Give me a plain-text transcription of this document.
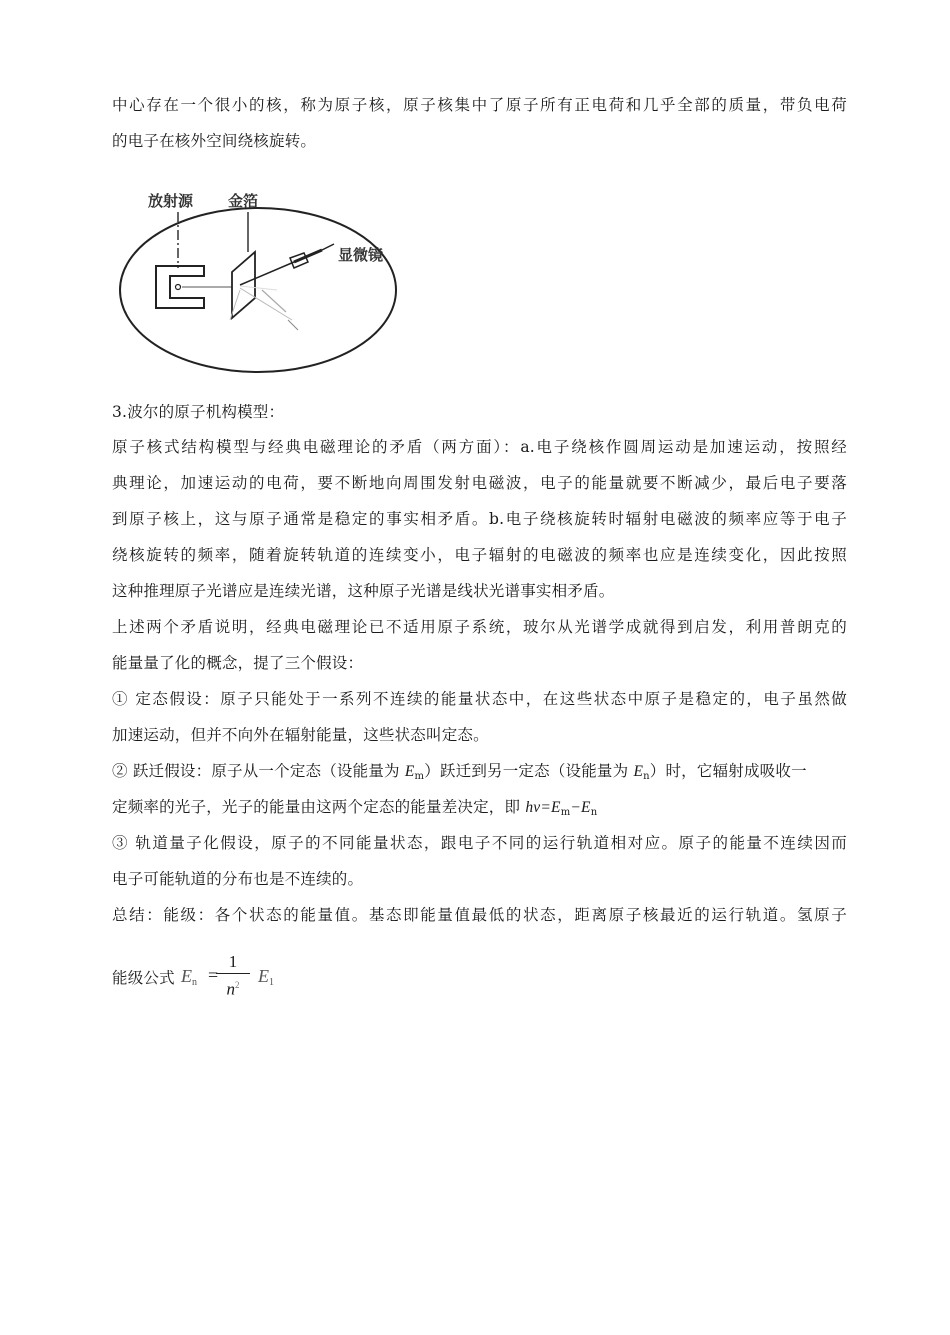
中心存在一个很小的核，称为原子核，原子核集中了原子所有正电荷和几乎全部的质量，带负电荷
的电子在核外空间绕核旋转。
放射源 金箔
显微镜
3.波尔的原子机构模型：
原子核式结构模型与经典电磁理论的矛盾（两方面）：a.电子绕核作圆周运动是加速运动，按照经
典理论，加速运动的电荷，要不断地向周围发射电磁波，电子的能量就要不断减少，最后电子要落
到原子核上，这与原子通常是稳定的事实相矛盾。b.电子绕核旋转时辐射电磁波的频率应等于电子
绕核旋转的频率，随着旋转轨道的连续变小，电子辐射的电磁波的频率也应是连续变化，因此按照
这种推理原子光谱应是连续光谱，这种原子光谱是线状光谱事实相矛盾。
上述两个矛盾说明，经典电磁理论已不适用原子系统，玻尔从光谱学成就得到启发，利用普朗克的
能量量了化的概念，提了三个假设：
① 定态假设：原子只能处于一系列不连续的能量状态中，在这些状态中原子是稳定的，电子虽然做
加速运动，但并不向外在辐射能量，这些状态叫定态。
② 跃迁假设：原子从一个定态（设能量为 $E_m$）跃迁到另一定态（设能量为 $E_n$）时，它辐射成吸收一
定频率的光子，光子的能量由这两个定态的能量差决定，即 $hv=E_m-E_n$
③ 轨道量子化假设，原子的不同能量状态，跟电子不同的运行轨道相对应。原子的能量不连续因而
电子可能轨道的分布也是不连续的。
总结：能级：各个状态的能量值。基态即能量值最低的状态，距离原子核最近的运行轨道。氢原子
能级公式 $E_n$ =
1
$n^2$	$E_1$
